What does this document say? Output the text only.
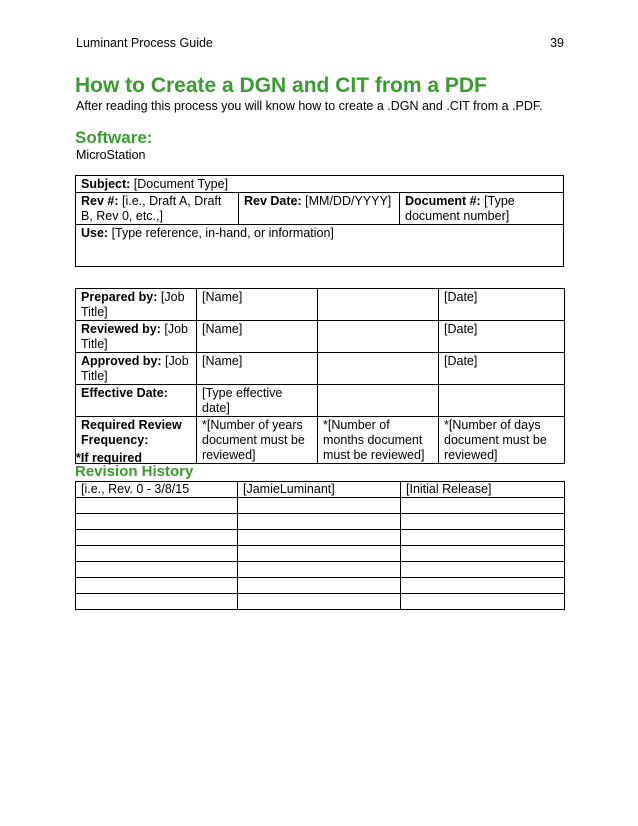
Luminant Process Guide	39
How to Create a DGN and CIT from a PDF
After reading this process you will know how to create a .DGN and .CIT from a .PDF.
Software:
MicroStation
Subject: [Document Type]
Rev #: [i.e., Draft A, Draft B, Rev 0, etc.,]	Rev Date: [MM/DD/YYYY]	Document #: [Type document number]
Use: [Type reference, in-hand, or information]
Prepared by: [Job Title]	[Name]		[Date]
Reviewed by: [Job Title]	[Name]		[Date]
Approved by: [Job Title]	[Name]		[Date]
Effective Date:	[Type effective date]		
Required Review Frequency:	*[Number of years document must be reviewed]	*[Number of months document must be reviewed]	*[Number of days document must be reviewed]
*If required
Revision History
[i.e., Rev. 0 - 3/8/15	[JamieLuminant]	[Initial Release]
